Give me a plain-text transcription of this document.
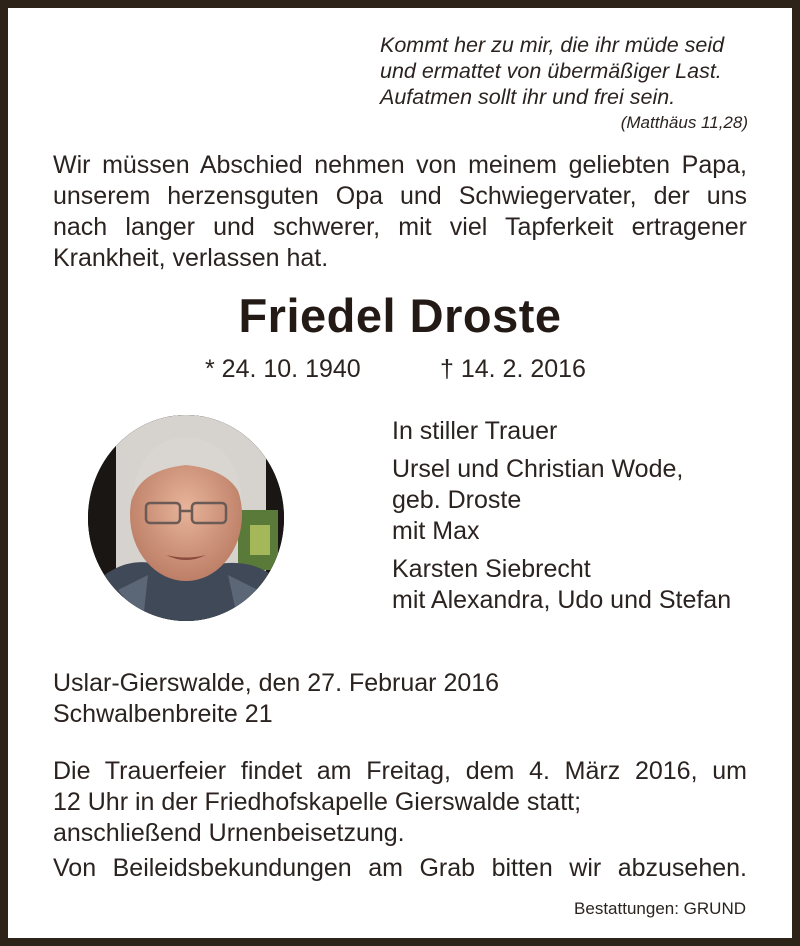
Kommt her zu mir, die ihr müde seid
und ermattet von übermäßiger Last.
Aufatmen sollt ihr und frei sein.
(Matthäus 11,28)
Wir müssen Abschied nehmen von meinem geliebten Papa,
unserem herzensguten Opa und Schwiegervater, der uns
nach langer und schwerer, mit viel Tapferkeit ertragener
Krankheit, verlassen hat.
Friedel Droste
* 24. 10. 1940	† 14. 2. 2016
In stiller Trauer
Ursel und Christian Wode,
geb. Droste
mit Max
Karsten Siebrecht
mit Alexandra, Udo und Stefan
Uslar-Gierswalde, den 27. Februar 2016
Schwalbenbreite 21
Die Trauerfeier findet am Freitag, dem 4. März 2016, um
12 Uhr in der Friedhofskapelle Gierswalde statt;
anschließend Urnenbeisetzung.
Von Beileidsbekundungen am Grab bitten wir abzusehen.
Bestattungen: GRUND
